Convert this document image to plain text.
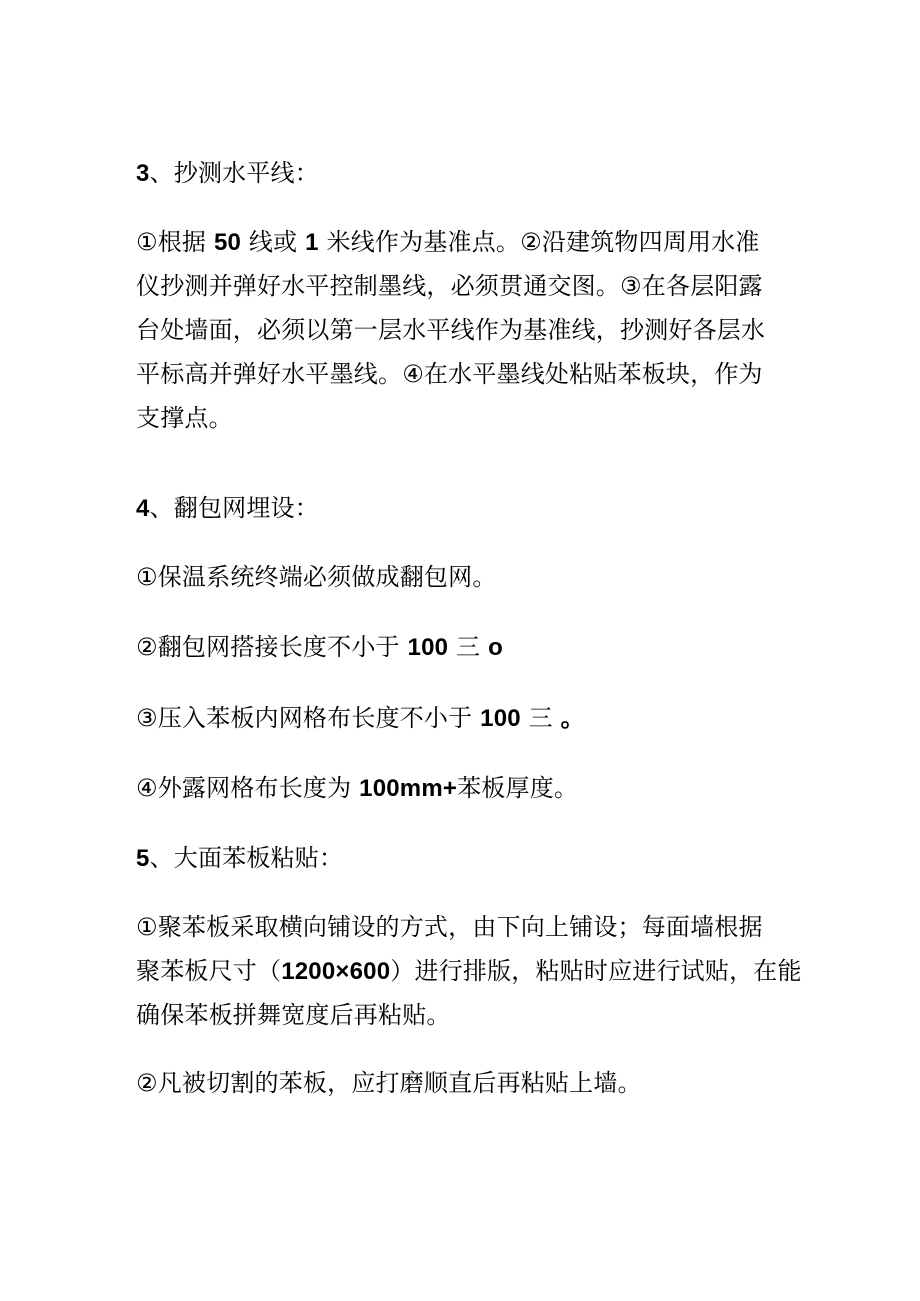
3、抄测水平线：
①根据 50 线或 1 米线作为基准点。②沿建筑物四周用水准
仪抄测并弹好水平控制墨线，必须贯通交图。③在各层阳露
台处墙面，必须以第一层水平线作为基准线，抄测好各层水
平标高并弹好水平墨线。④在水平墨线处粘贴苯板块，作为
支撑点。
4、翻包网埋设：
①保温系统终端必须做成翻包网。
②翻包网搭接长度不小于 100 三 o
③压入苯板内网格布长度不小于 100 三 。
④外露网格布长度为 100mm+苯板厚度。
5、大面苯板粘贴：
①聚苯板采取横向铺设的方式，由下向上铺设；每面墙根据
聚苯板尺寸（1200×600）进行排版，粘贴时应进行试贴，在能
确保苯板拼舞宽度后再粘贴。
②凡被切割的苯板，应打磨顺直后再粘贴上墙。
